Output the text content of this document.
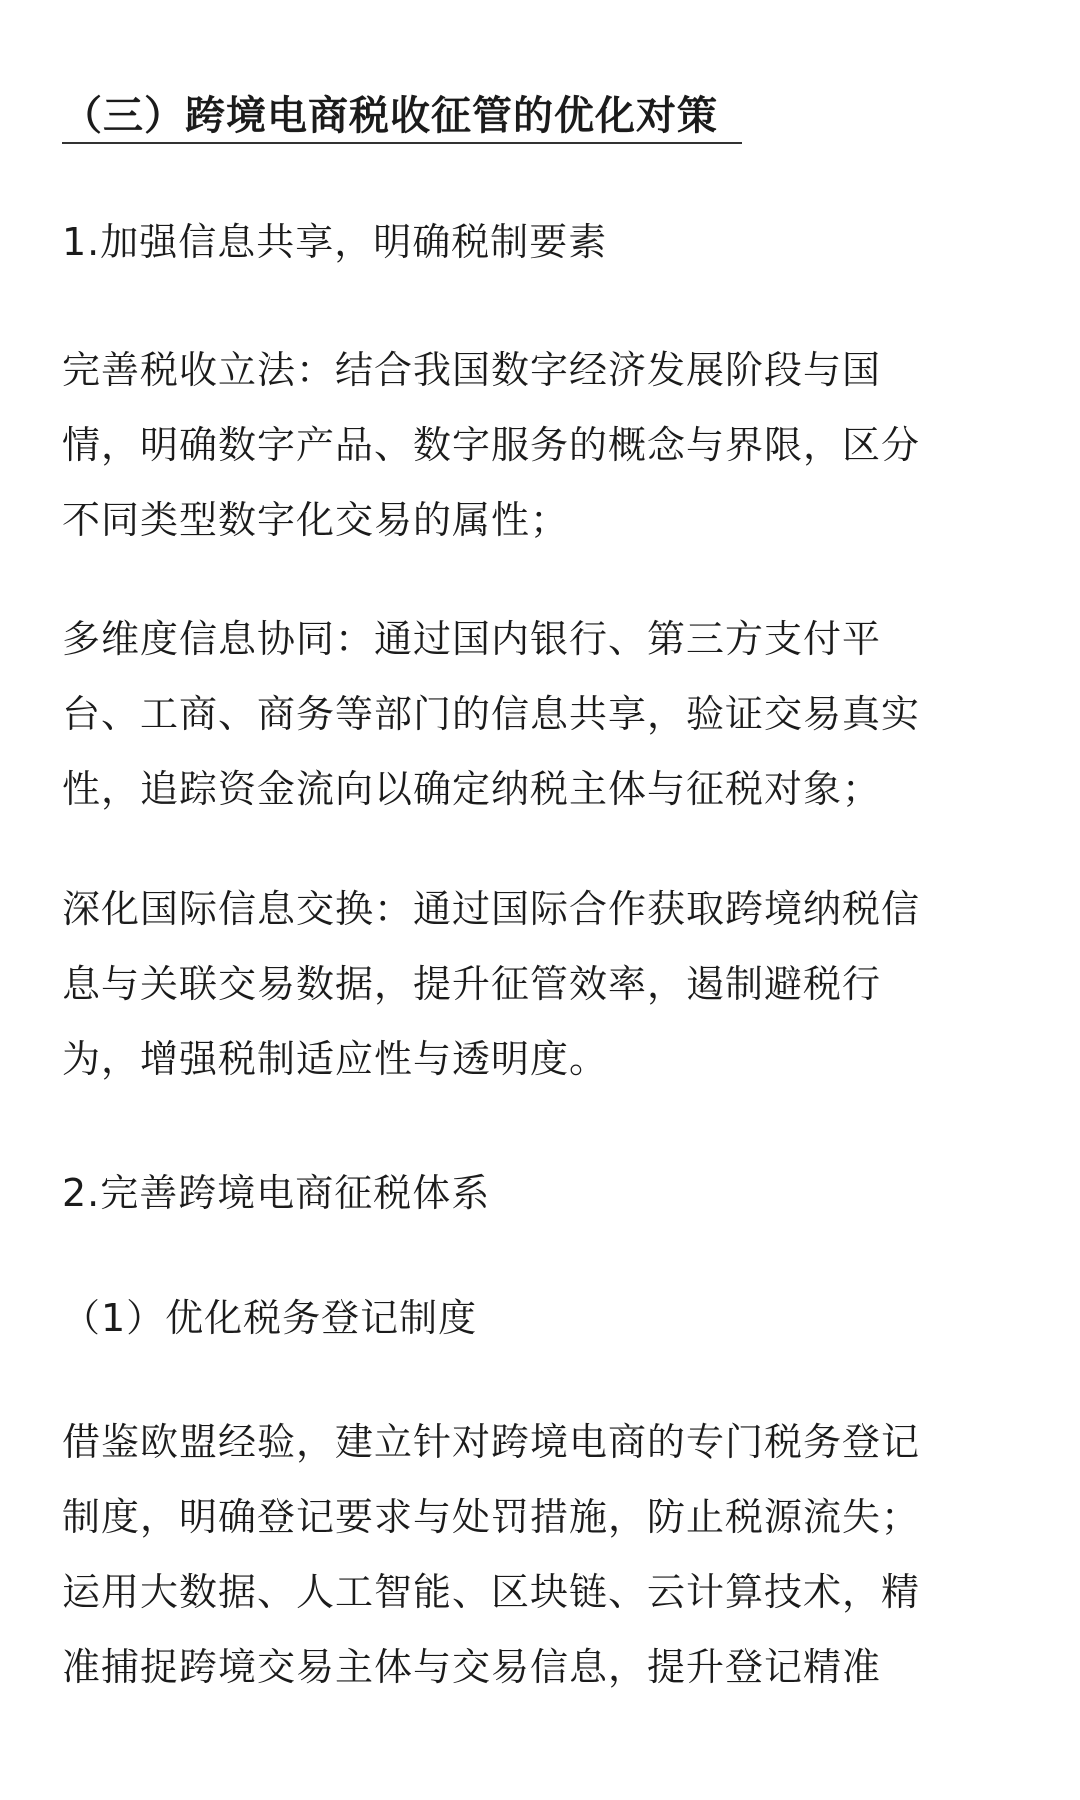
（三）跨境电商税收征管的优化对策
1.加强信息共享，明确税制要素
完善税收立法：结合我国数字经济发展阶段与国
情，明确数字产品、数字服务的概念与界限，区分
不同类型数字化交易的属性；
多维度信息协同：通过国内银行、第三方支付平
台、工商、商务等部门的信息共享，验证交易真实
性，追踪资金流向以确定纳税主体与征税对象；
深化国际信息交换：通过国际合作获取跨境纳税信
息与关联交易数据，提升征管效率，遏制避税行
为，增强税制适应性与透明度。
2.完善跨境电商征税体系
（1）优化税务登记制度
借鉴欧盟经验，建立针对跨境电商的专门税务登记
制度，明确登记要求与处罚措施，防止税源流失；
运用大数据、人工智能、区块链、云计算技术，精
准捕捉跨境交易主体与交易信息，提升登记精准
